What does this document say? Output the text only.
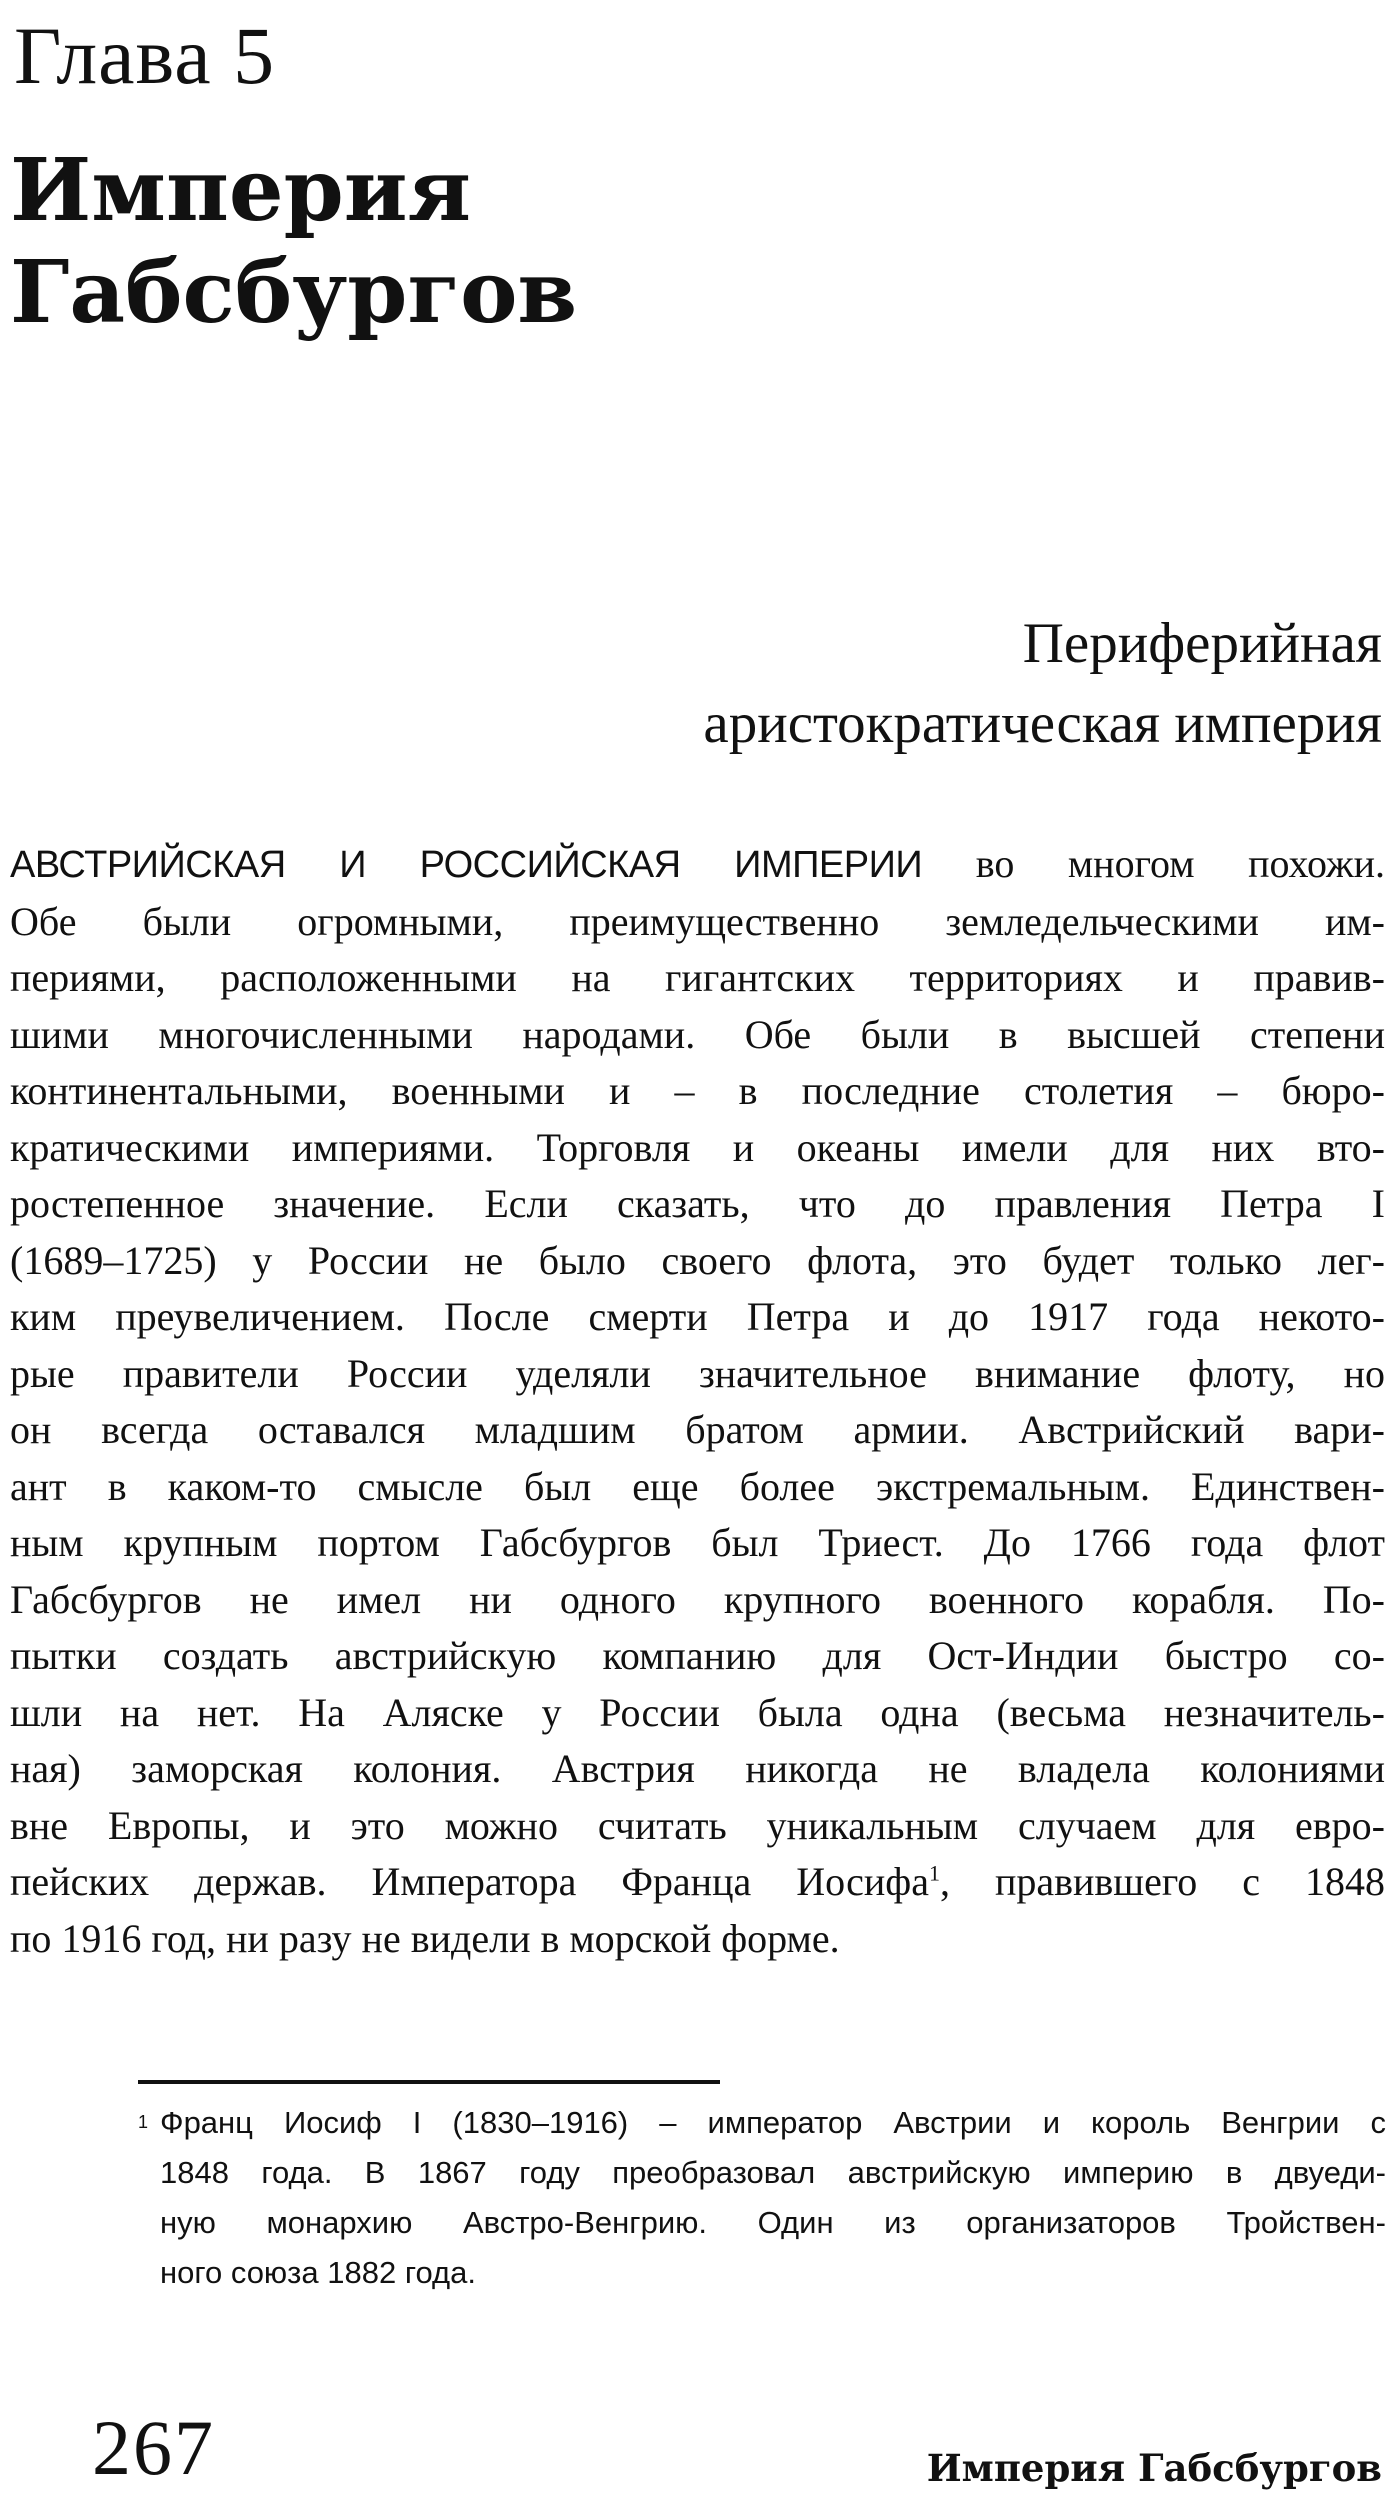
Глава 5
Империя
Габсбургов
Периферийная
аристократическая империя
АВСТРИЙСКАЯ И РОССИЙСКАЯ ИМПЕРИИ во многом похожи.
Обе были огромными, преимущественно земледельческими им-
периями, расположенными на гигантских территориях и правив-
шими многочисленными народами. Обе были в высшей степени
континентальными, военными и – в последние столетия – бюро-
кратическими империями. Торговля и океаны имели для них вто-
ростепенное значение. Если сказать, что до правления Петра I
(1689–1725) у России не было своего флота, это будет только лег-
ким преувеличением. После смерти Петра и до 1917 года некото-
рые правители России уделяли значительное внимание флоту, но
он всегда оставался младшим братом армии. Австрийский вари-
ант в каком-то смысле был еще более экстремальным. Единствен-
ным крупным портом Габсбургов был Триест. До 1766 года флот
Габсбургов не имел ни одного крупного военного корабля. По-
пытки создать австрийскую компанию для Ост-Индии быстро со-
шли на нет. На Аляске у России была одна (весьма незначитель-
ная) заморская колония. Австрия никогда не владела колониями
вне Европы, и это можно считать уникальным случаем для евро-
пейских держав. Императора Франца Иосифа$^1$, правившего с 1848
по 1916 год, ни разу не видели в морской форме.
1 Франц Иосиф I (1830–1916) – император Австрии и король Венгрии с
1848 года. В 1867 году преобразовал австрийскую империю в двуеди-
ную монархию Австро-Венгрию. Один из организаторов Тройствен-
ного союза 1882 года.
267	Империя Габсбургов
